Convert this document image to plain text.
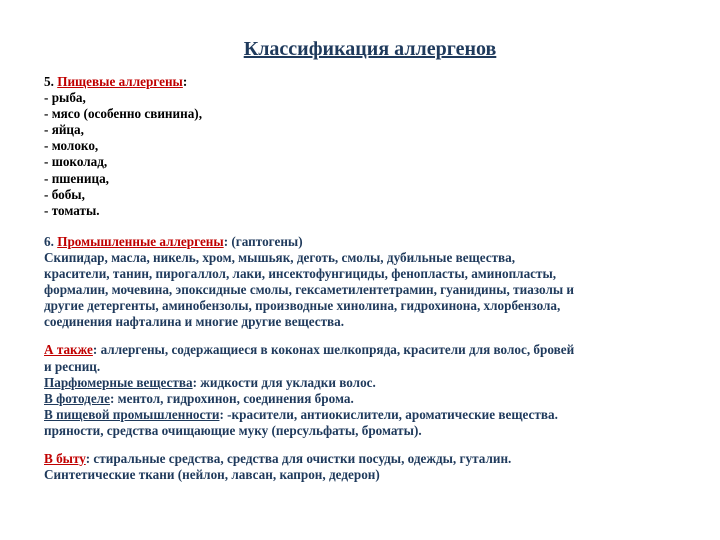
Классификация аллергенов
5. Пищевые аллергены:
- рыба,
- мясо (особенно свинина),
- яйца,
- молоко,
- шоколад,
- пшеница,
- бобы,
- томаты.
6. Промышленные аллергены: (гаптогены)
Скипидар, масла, никель, хром, мышьяк, деготь, смолы, дубильные вещества,
красители, танин, пирогаллол, лаки, инсектофунгициды, фенопласты, аминопласты,
формалин, мочевина, эпоксидные смолы, гексаметилентетрамин, гуанидины, тиазолы и
другие детергенты, аминобензолы, производные хинолина, гидрохинона, хлорбензола,
соединения нафталина и многие другие вещества.
А также: аллергены, содержащиеся в коконах шелкопряда, красители для волос, бровей
и ресниц.
Парфюмерные вещества: жидкости для укладки волос.
В фотоделе: ментол, гидрохинон, соединения брома.
В пищевой промышленности: -красители, антиокислители, ароматические вещества.
пряности, средства очищающие муку (персульфаты, броматы).
В быту: стиральные средства, средства для очистки посуды, одежды, гуталин.
Синтетические ткани (нейлон, лавсан, капрон, дедерон)
